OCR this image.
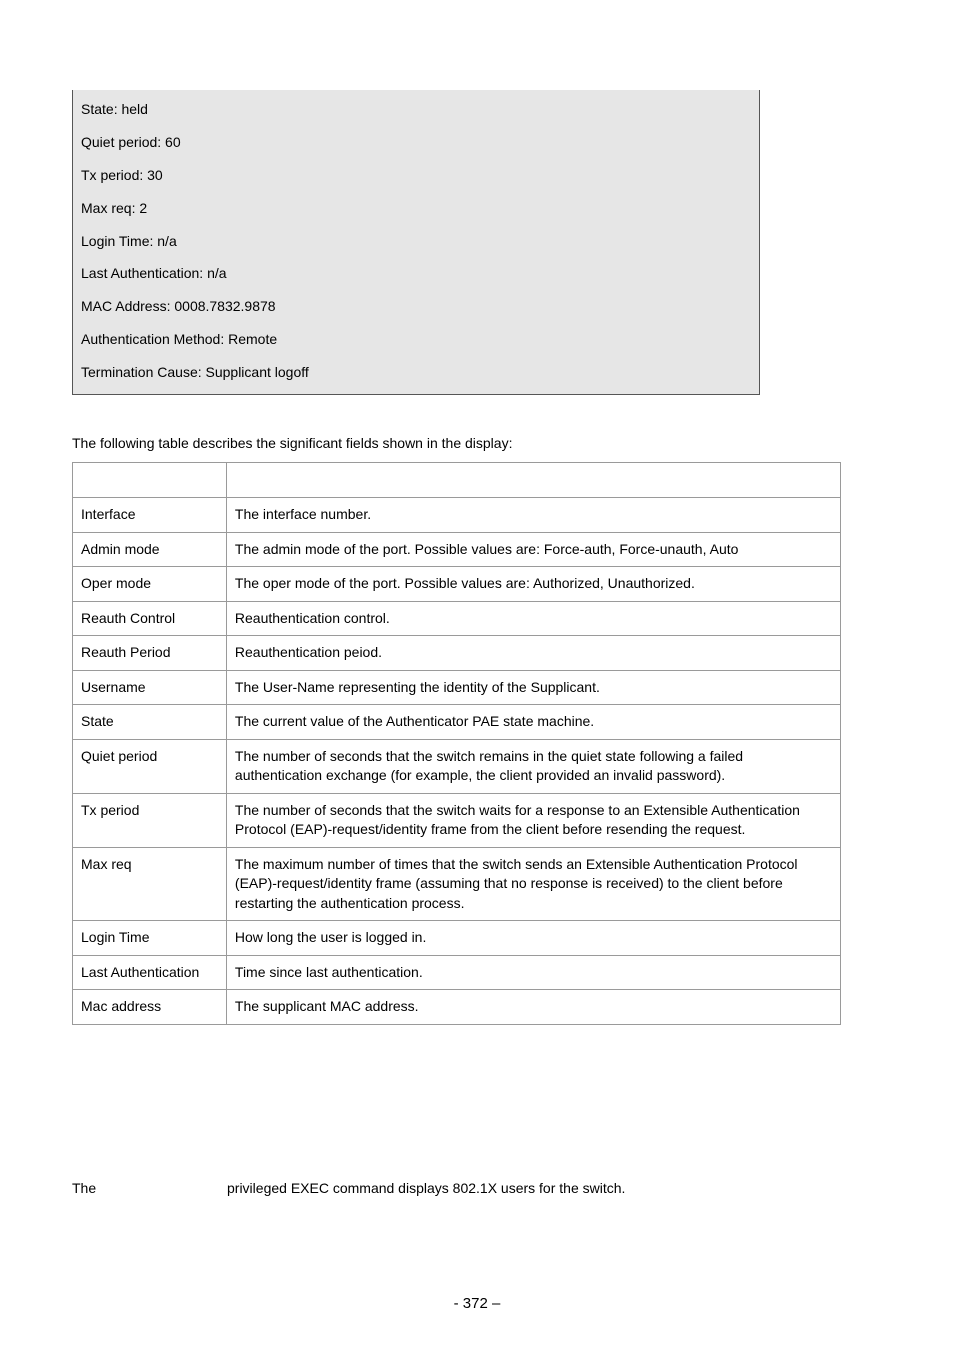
State: held
Quiet period: 60
Tx period: 30
Max req: 2
Login Time: n/a
Last Authentication: n/a
MAC Address: 0008.7832.9878
Authentication Method: Remote
Termination Cause: Supplicant logoff
The following table describes the significant fields shown in the display:

Interface	The interface number.
Admin mode	The admin mode of the port. Possible values are: Force-auth, Force-unauth, Auto
Oper mode	The oper mode of the port. Possible values are: Authorized, Unauthorized.
Reauth Control	Reauthentication control.
Reauth Period	Reauthentication peiod.
Username	The User-Name representing the identity of the Supplicant.
State	The current value of the Authenticator PAE state machine.
Quiet period	The number of seconds that the switch remains in the quiet state following a failed authentication exchange (for example, the client provided an invalid password).
Tx period	The number of seconds that the switch waits for a response to an Extensible Authentication Protocol (EAP)-request/identity frame from the client before resending the request.
Max req	The maximum number of times that the switch sends an Extensible Authentication Protocol (EAP)-request/identity frame (assuming that no response is received) to the client before restarting the authentication process.
Login Time	How long the user is logged in.
Last Authentication	Time since last authentication.
Mac address	The supplicant MAC address.
The	privileged EXEC command displays 802.1X users for the switch.
- 372 –
